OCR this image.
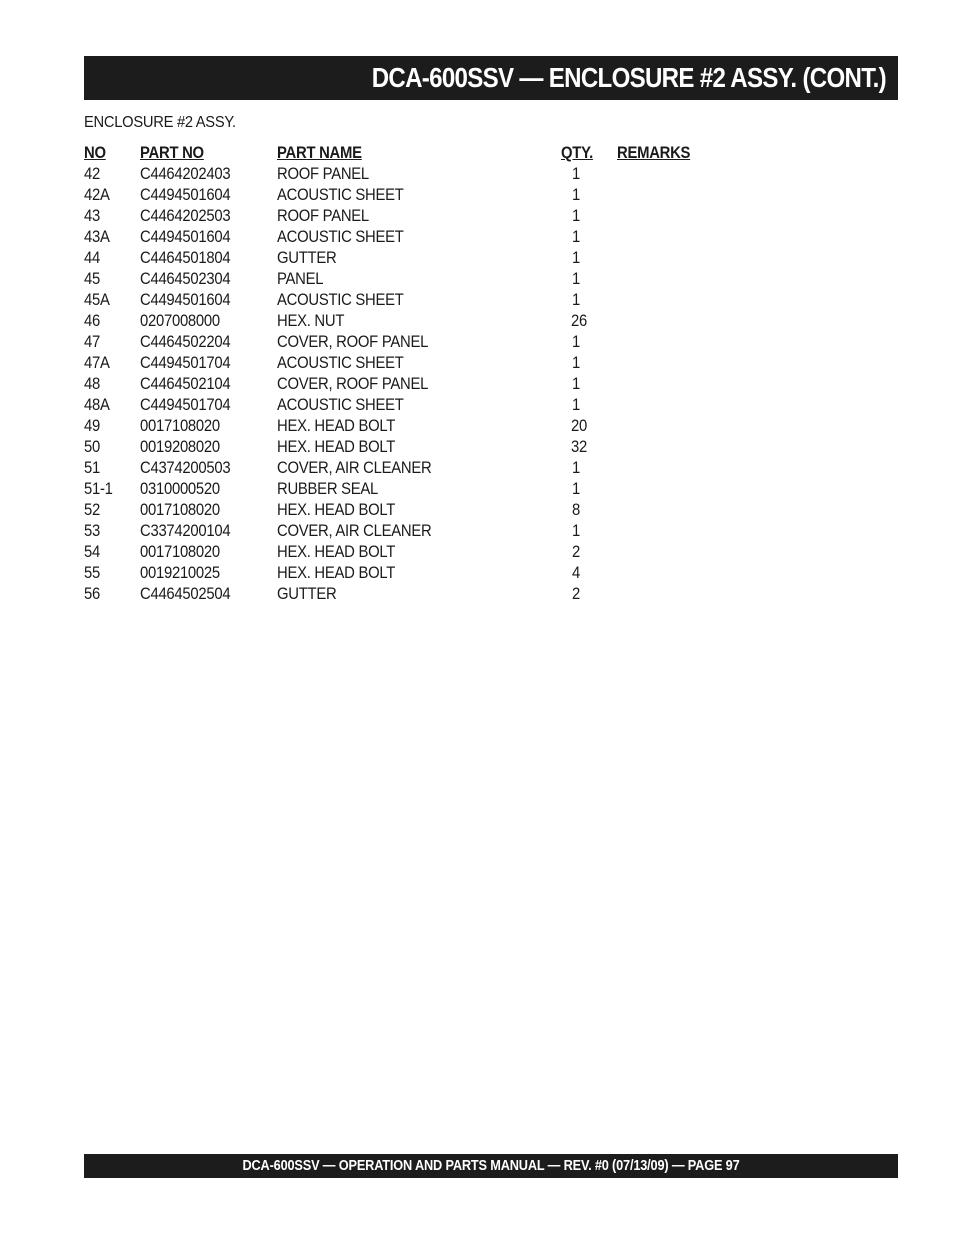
DCA-600SSV — ENCLOSURE #2 ASSY. (CONT.)
ENCLOSURE #2 ASSY.
NO PART NO	PART NAME	QTY. REMARKS
42 C4464202403	ROOF PANEL	1
42A C4494501604	ACOUSTIC SHEET	1
43 C4464202503	ROOF PANEL	1
43A C4494501604	ACOUSTIC SHEET	1
44 C4464501804	GUTTER	1
45 C4464502304	PANEL	1
45A C4494501604	ACOUSTIC SHEET	1
46 0207008000	HEX. NUT	26
47 C4464502204	COVER, ROOF PANEL	1
47A C4494501704	ACOUSTIC SHEET	1
48 C4464502104	COVER, ROOF PANEL	1
48A C4494501704	ACOUSTIC SHEET	1
49 0017108020	HEX. HEAD BOLT	20
50 0019208020	HEX. HEAD BOLT	32
51 C4374200503	COVER, AIR CLEANER	1
51-1 0310000520	RUBBER SEAL	1
52 0017108020	HEX. HEAD BOLT	8
53 C3374200104	COVER, AIR CLEANER	1
54 0017108020	HEX. HEAD BOLT	2
55 0019210025	HEX. HEAD BOLT	4
56 C4464502504	GUTTER	2
DCA-600SSV — OPERATION AND PARTS MANUAL — REV. #0 (07/13/09) — PAGE 97
